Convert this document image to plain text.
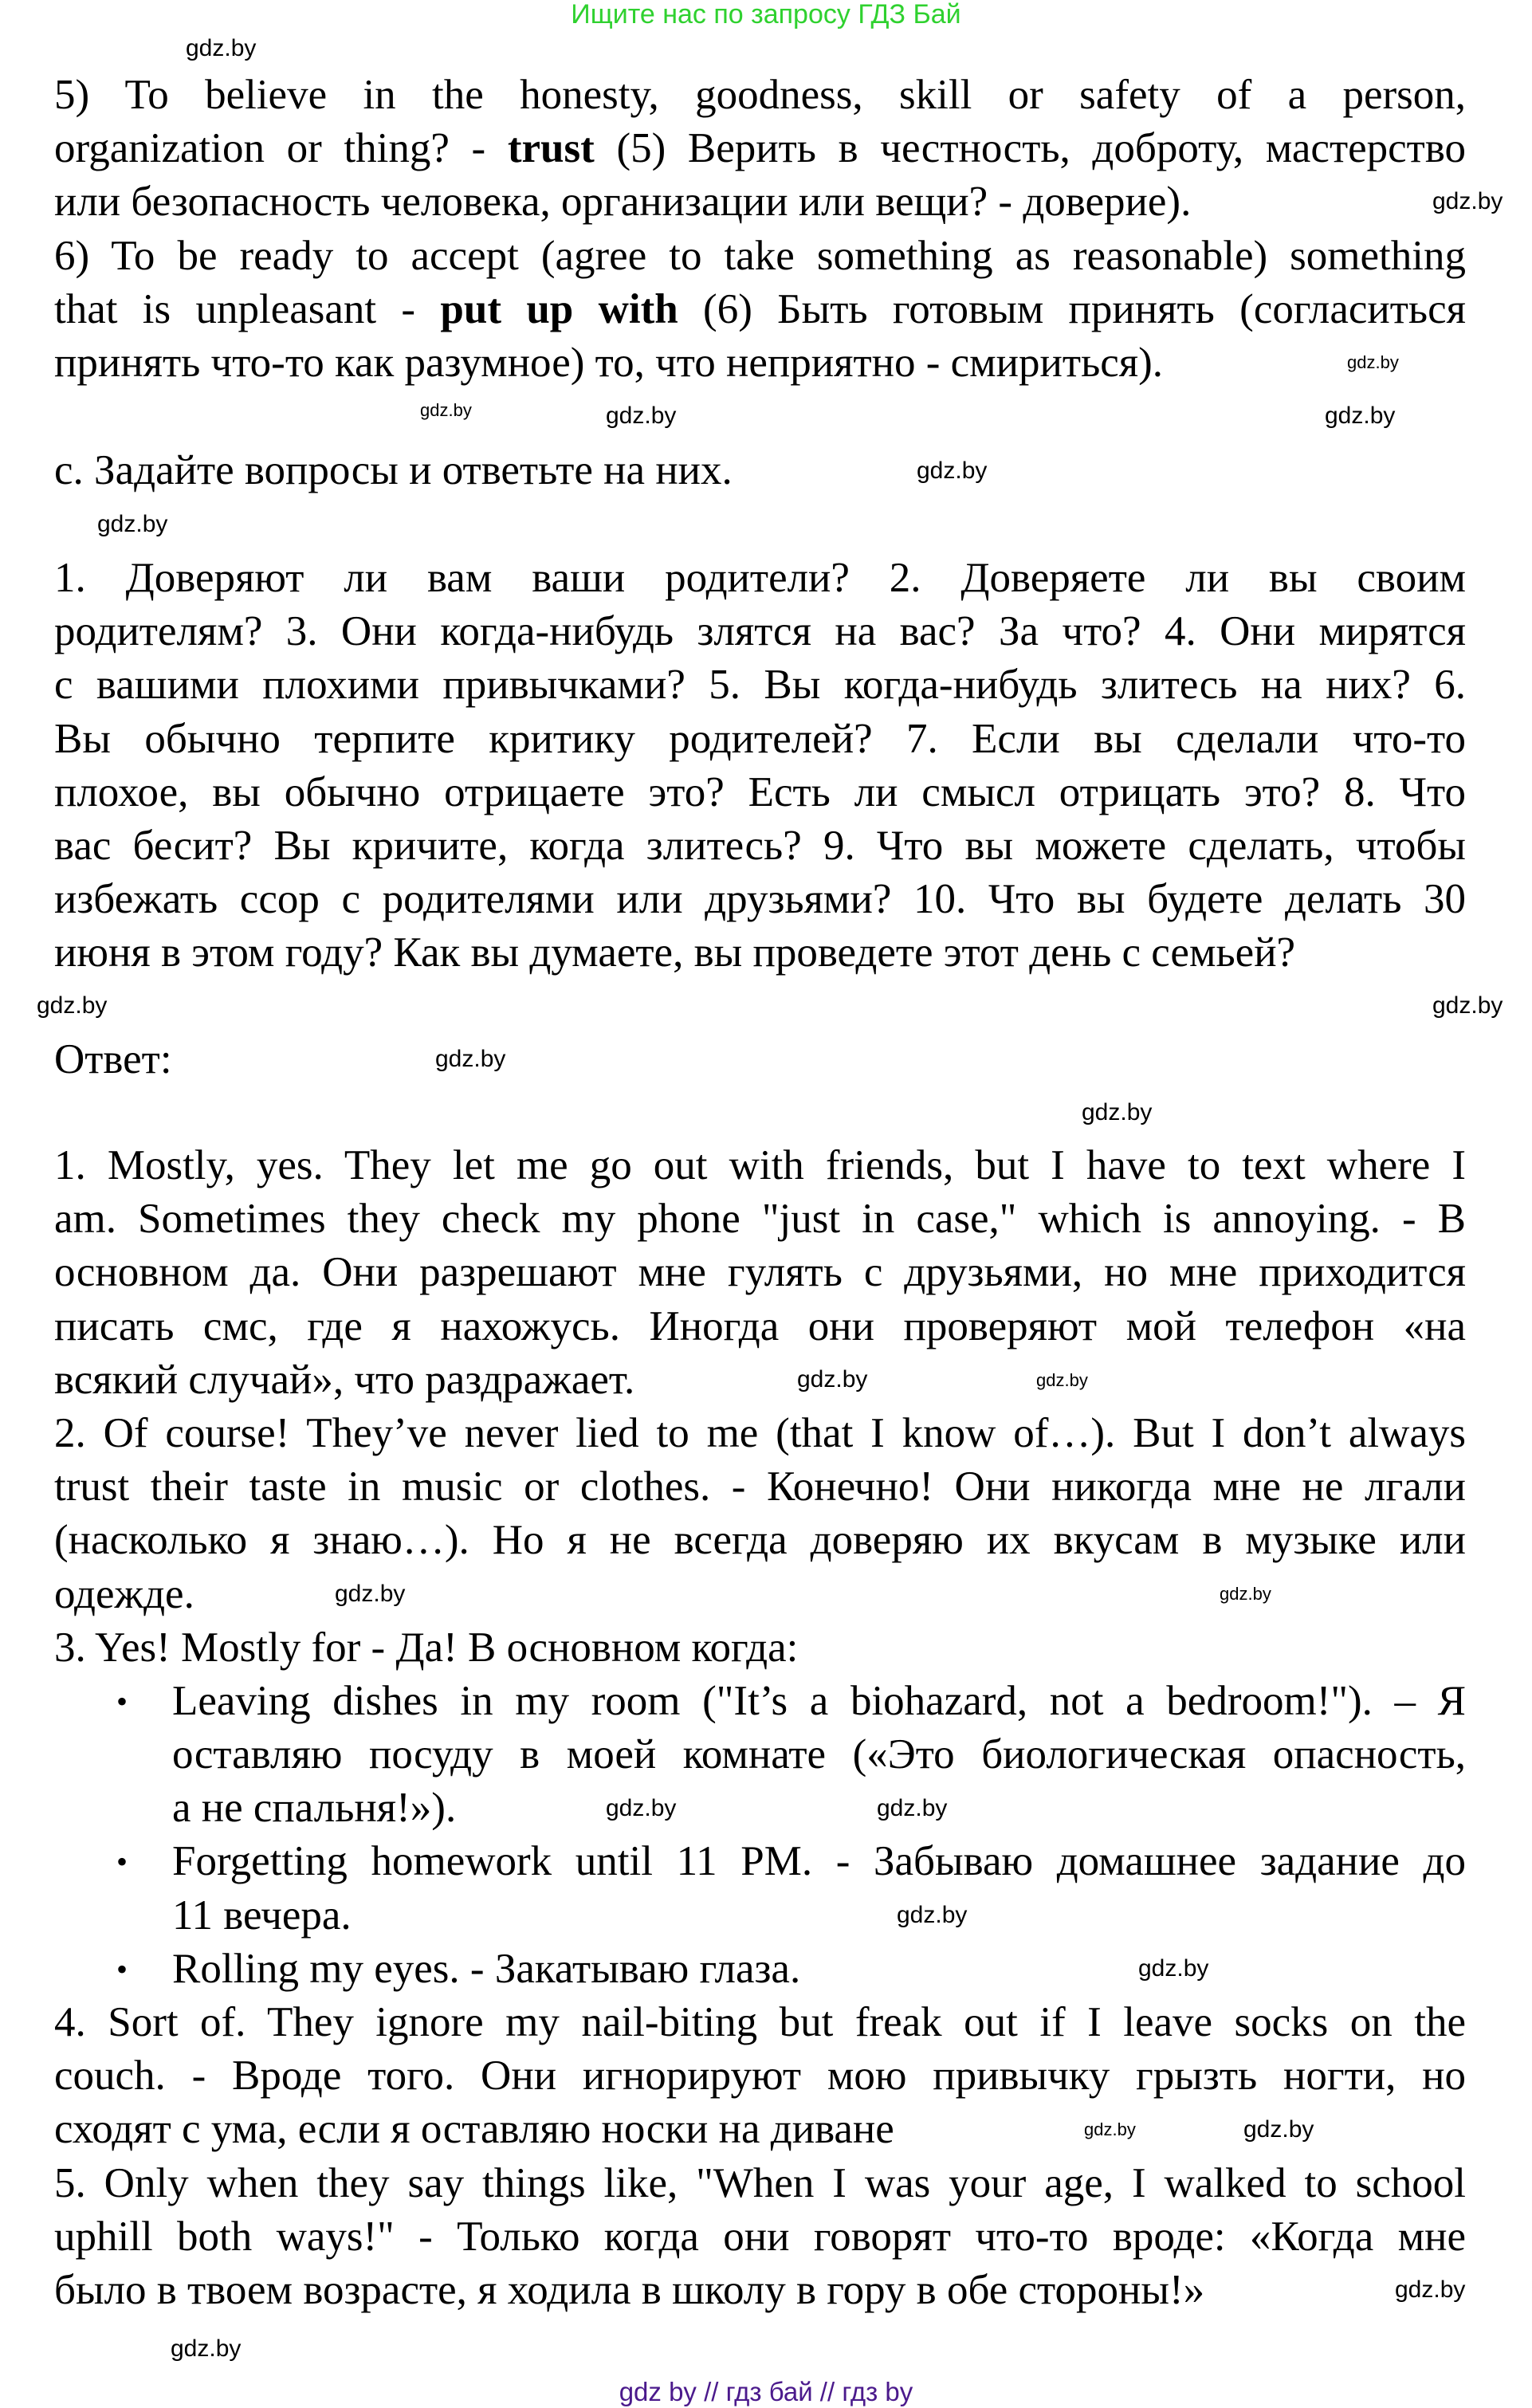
Ищите нас по запросу ГДЗ Бай
5) To believe in the honesty, goodness, skill or safety of a person,
organization or thing? - trust (5) Верить в честность, доброту, мастерство
или безопасность человека, организации или вещи? - доверие).
6) To be ready to accept (agree to take something as reasonable) something
that is unpleasant - put up with (6) Быть готовым принять (согласиться
принять что-то как разумное) то, что неприятно - смириться).
c. Задайте вопросы и ответьте на них.
1. Доверяют ли вам ваши родители? 2. Доверяете ли вы своим
родителям? 3. Они когда-нибудь злятся на вас? За что? 4. Они мирятся
с вашими плохими привычками? 5. Вы когда-нибудь злитесь на них? 6.
Вы обычно терпите критику родителей? 7. Если вы сделали что-то
плохое, вы обычно отрицаете это? Есть ли смысл отрицать это? 8. Что
вас бесит? Вы кричите, когда злитесь? 9. Что вы можете сделать, чтобы
избежать ссор с родителями или друзьями? 10. Что вы будете делать 30
июня в этом году? Как вы думаете, вы проведете этот день с семьей?
Ответ:
1. Mostly, yes. They let me go out with friends, but I have to text where I
am. Sometimes they check my phone "just in case," which is annoying. - В
основном да. Они разрешают мне гулять с друзьями, но мне приходится
писать смс, где я нахожусь. Иногда они проверяют мой телефон «на
всякий случай», что раздражает.
2. Of course! They’ve never lied to me (that I know of…). But I don’t always
trust their taste in music or clothes. - Конечно! Они никогда мне не лгали
(насколько я знаю…). Но я не всегда доверяю их вкусам в музыке или
одежде.
3. Yes! Mostly for - Да! В основном когда:
• Leaving dishes in my room ("It’s a biohazard, not a bedroom!"). – Я
оставляю посуду в моей комнате («Это биологическая опасность,
а не спальня!»).
• Forgetting homework until 11 PM. - Забываю домашнее задание до
11 вечера.
• Rolling my eyes. - Закатываю глаза.
4. Sort of. They ignore my nail-biting but freak out if I leave socks on the
couch. - Вроде того. Они игнорируют мою привычку грызть ногти, но
сходят с ума, если я оставляю носки на диване
5. Only when they say things like, "When I was your age, I walked to school
uphill both ways!" - Только когда они говорят что-то вроде: «Когда мне
было в твоем возрасте, я ходила в школу в гору в обе стороны!»
gdz.by
gdz.by
gdz.by
gdz.by
gdz.by
gdz.by
gdz.by
gdz.by
gdz.by
gdz.by
gdz.by
gdz.by
gdz.by
gdz.by
gdz.by
gdz.by
gdz.by	gdz.by
gdz.by
gdz.by
gdz.by	gdz.by
gdz.by
gdz.by
gdz by // гдз бай // гдз by
